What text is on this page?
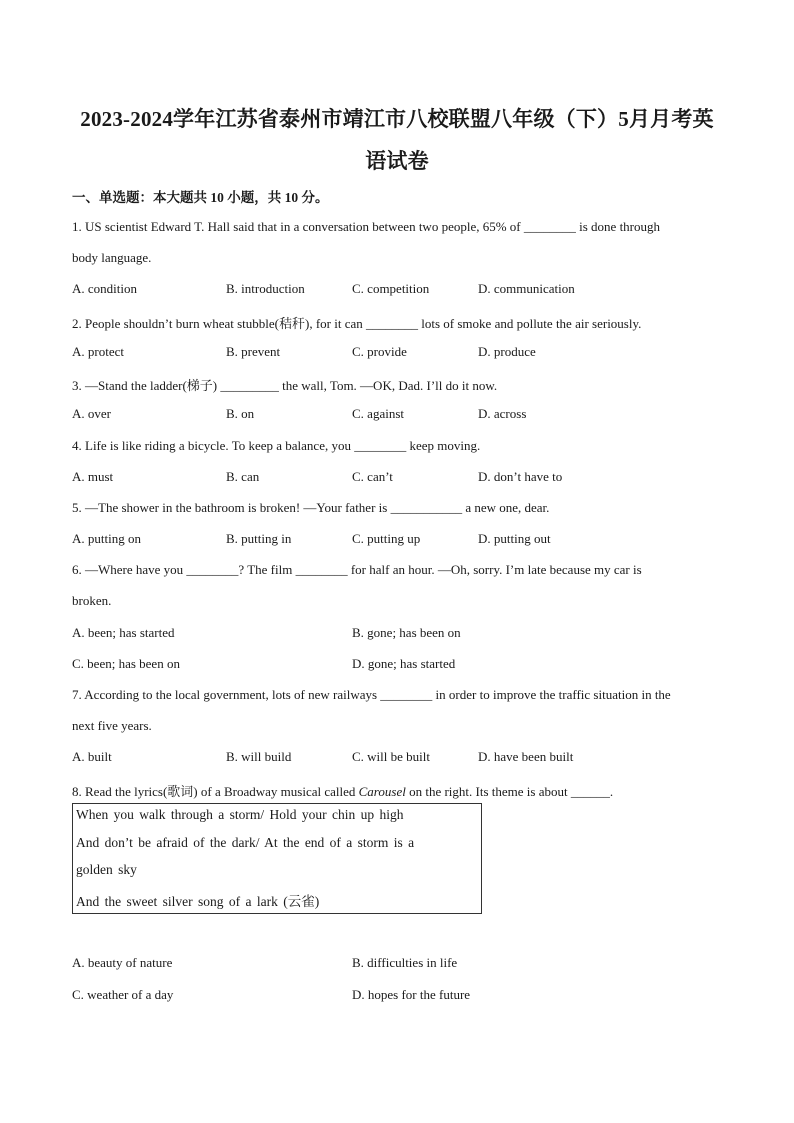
2023-2024学年江苏省泰州市靖江市八校联盟八年级（下）5月月考英
语试卷
一、单选题：本大题共 10 小题，共 10 分。
1. US scientist Edward T. Hall said that in a conversation between two people, 65% of ________ is done through
body language.
A. condition	B. introduction	C. competition	D. communication
2. People shouldn’t burn wheat stubble(秸秆), for it can ________ lots of smoke and pollute the air seriously.
A. protect	B. prevent	C. provide	D. produce
3. —Stand the ladder(梯子) _________ the wall, Tom. —OK, Dad. I’ll do it now.
A. over	B. on	C. against	D. across
4. Life is like riding a bicycle. To keep a balance, you ________ keep moving.
A. must	B. can	C. can’t	D. don’t have to
5. —The shower in the bathroom is broken! —Your father is ___________ a new one, dear.
A. putting on	B. putting in	C. putting up	D. putting out
6. —Where have you ________? The film ________ for half an hour. —Oh, sorry. I’m late because my car is
broken.
A. been; has started	B. gone; has been on
C. been; has been on	D. gone; has started
7. According to the local government, lots of new railways ________ in order to improve the traffic situation in the
next five years.
A. built	B. will build	C. will be built	D. have been built
8. Read the lyrics(歌词) of a Broadway musical called Carousel on the right. Its theme is about ______.
When you walk through a storm/ Hold your chin up high
And don’t be afraid of the dark/ At the end of a storm is a
golden sky
And the sweet silver song of a lark (云雀)
A. beauty of nature	B. difficulties in life
C. weather of a day	D. hopes for the future
